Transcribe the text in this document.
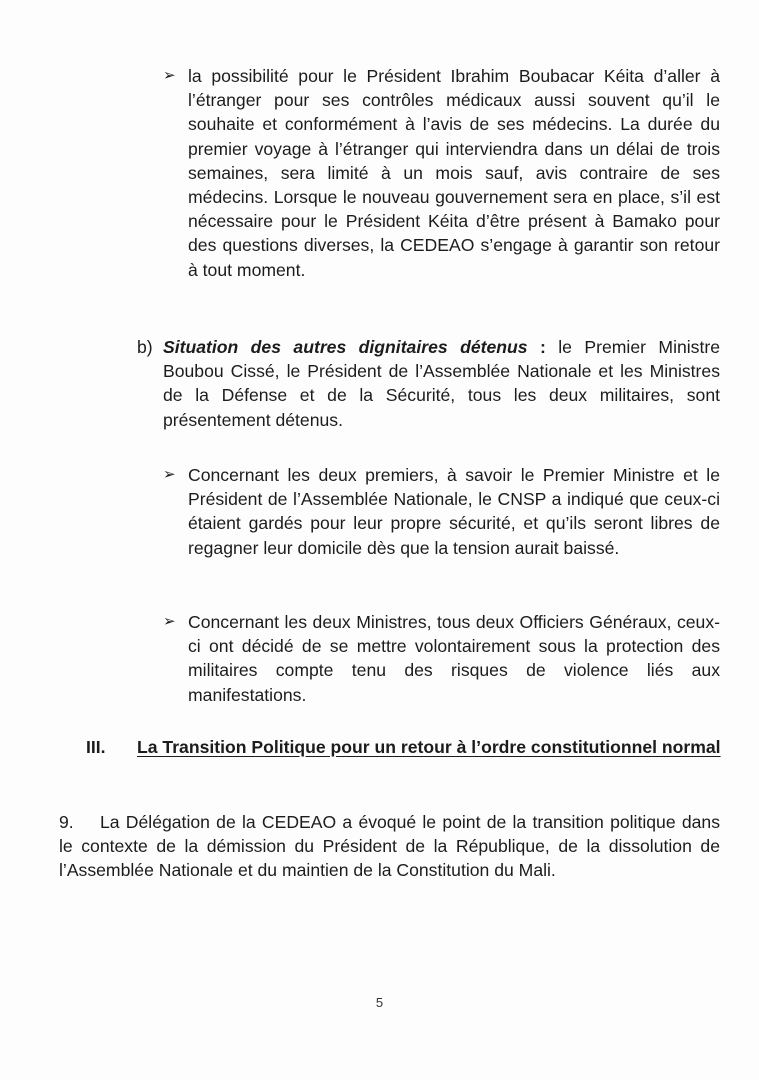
➢ la possibilité pour le Président Ibrahim Boubacar Kéita d’aller à l’étranger pour ses contrôles médicaux aussi souvent qu’il le souhaite et conformément à l’avis de ses médecins. La durée du premier voyage à l’étranger qui interviendra dans un délai de trois semaines, sera limité à un mois sauf, avis contraire de ses médecins. Lorsque le nouveau gouvernement sera en place, s’il est nécessaire pour le Président Kéita d’être présent à Bamako pour des questions diverses, la CEDEAO s’engage à garantir son retour à tout moment.

b) Situation des autres dignitaires détenus : le Premier Ministre Boubou Cissé, le Président de l’Assemblée Nationale et les Ministres de la Défense et de la Sécurité, tous les deux militaires, sont présentement détenus.

➢ Concernant les deux premiers, à savoir le Premier Ministre et le Président de l’Assemblée Nationale, le CNSP a indiqué que ceux-ci étaient gardés pour leur propre sécurité, et qu’ils seront libres de regagner leur domicile dès que la tension aurait baissé.

➢ Concernant les deux Ministres, tous deux Officiers Généraux, ceux-ci ont décidé de se mettre volontairement sous la protection des militaires compte tenu des risques de violence liés aux manifestations.

III. La Transition Politique pour un retour à l’ordre constitutionnel normal
9.	La Délégation de la CEDEAO a évoqué le point de la transition politique dans le contexte de la démission du Président de la République, de la dissolution de l’Assemblée Nationale et du maintien de la Constitution du Mali.

5
